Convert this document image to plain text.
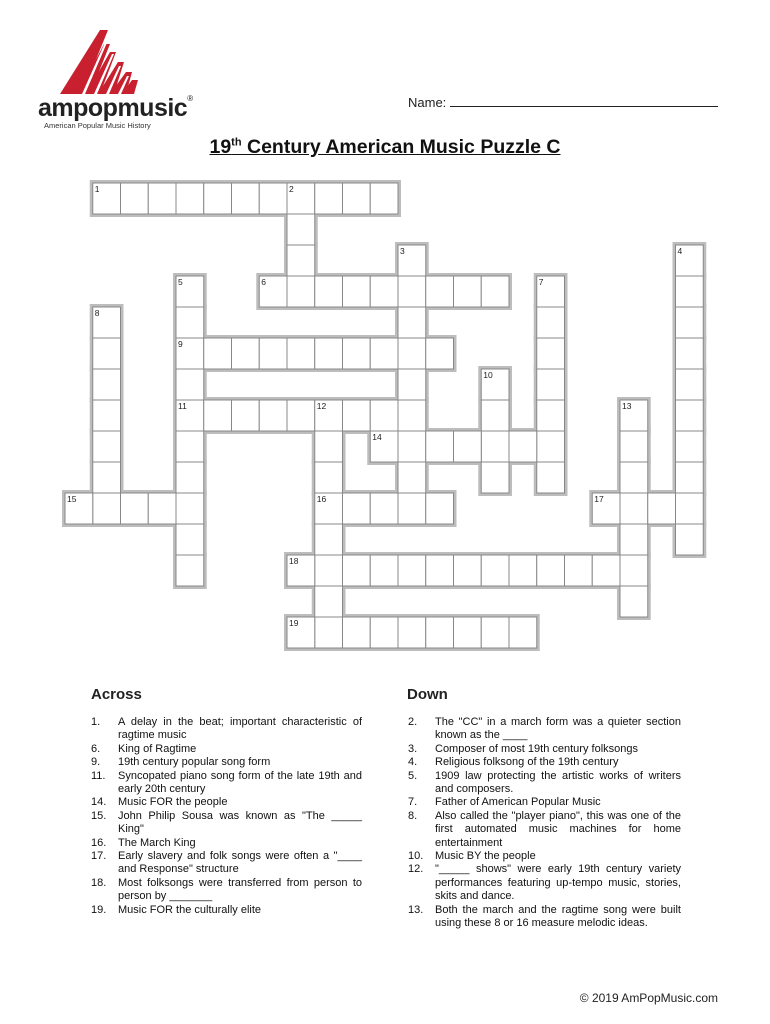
ampopmusic®
American Popular Music History
Name:
19th Century American Music Puzzle C
1	2
3	4
5
9
11
6	7
8
10
12
16
13
14
15	17
18
19
Across	Down
1.	A delay in the beat; important characteristic of ragtime music
6.	King of Ragtime
9.	19th century popular song form
11.	Syncopated piano song form of the late 19th and early 20th century
14.	Music FOR the people
15.	John Philip Sousa was known as "The _____ King"
16.	The March King
17.	Early slavery and folk songs were often a "____ and Response" structure
18.	Most folksongs were transferred from person to person by _______
19.	Music FOR the culturally elite
2.	The "CC" in a march form was a quieter section known as the ____
3.	Composer of most 19th century folksongs
4.	Religious folksong of the 19th century
5.	1909 law protecting the artistic works of writers and composers.
7.	Father of American Popular Music
8.	Also called the "player piano", this was one of the first automated music machines for home entertainment
10.	Music BY the people
12.	"_____ shows" were early 19th century variety performances featuring up-tempo music, stories, skits and dance.
13.	Both the march and the ragtime song were built using these 8 or 16 measure melodic ideas.
© 2019 AmPopMusic.com
